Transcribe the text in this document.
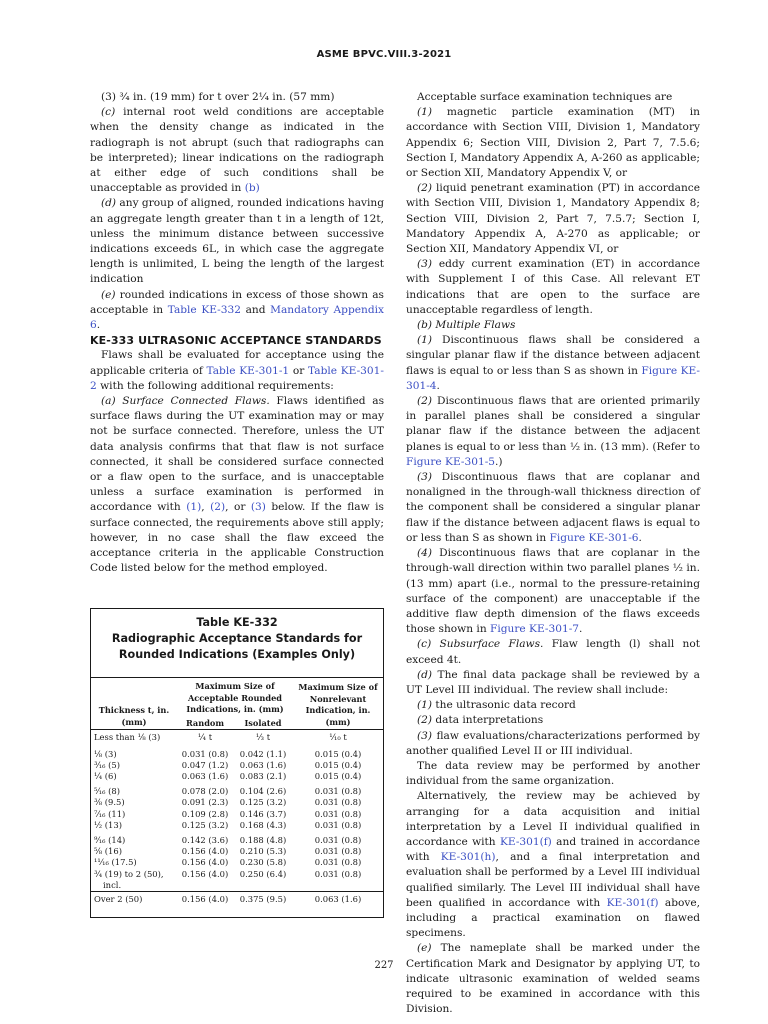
ASME BPVC.VIII.3-2021

(3) ³⁄₄ in. (19 mm) for t over 2¹⁄₄ in. (57 mm)

(c) internal root weld conditions are acceptable when the density change as indicated in the radiograph is not abrupt (such that radiographs can be interpreted); linear indications on the radiograph at either edge of such conditions shall be unacceptable as provided in (b)

(d) any group of aligned, rounded indications having an aggregate length greater than t in a length of 12t, unless the minimum distance between successive indications exceeds 6L, in which case the aggregate length is unlimited, L being the length of the largest indication

(e) rounded indications in excess of those shown as acceptable in Table KE-332 and Mandatory Appendix 6.

KE-333 ULTRASONIC ACCEPTANCE STANDARDS

Flaws shall be evaluated for acceptance using the applicable criteria of Table KE-301-1 or Table KE-301-2 with the following additional requirements:

(a) Surface Connected Flaws. Flaws identified as surface flaws during the UT examination may or may not be surface connected. Therefore, unless the UT data analysis confirms that that flaw is not surface connected, it shall be considered surface connected or a flaw open to the surface, and is unacceptable unless a surface examination is performed in accordance with (1), (2), or (3) below. If the flaw is surface connected, the requirements above still apply; however, in no case shall the flaw exceed the acceptance criteria in the applicable Construction Code listed below for the method employed.

Table KE-332
Radiographic Acceptance Standards for
Rounded Indications (Examples Only)
Thickness t, in. (mm)	Maximum Size of Acceptable Rounded Indications, in. (mm)		Maximum Size of Nonrelevant Indication, in. (mm)
	Random	Isolated	
Less than ¹⁄₈ (3)	¹⁄₄ t	¹⁄₃ t	¹⁄₁₀ t

¹⁄₈ (3)	0.031 (0.8)	0.042 (1.1)	0.015 (0.4)
³⁄₁₆ (5)	0.047 (1.2)	0.063 (1.6)	0.015 (0.4)
¹⁄₄ (6)	0.063 (1.6)	0.083 (2.1)	0.015 (0.4)

⁵⁄₁₆ (8)	0.078 (2.0)	0.104 (2.6)	0.031 (0.8)
³⁄₈ (9.5)	0.091 (2.3)	0.125 (3.2)	0.031 (0.8)
⁷⁄₁₆ (11)	0.109 (2.8)	0.146 (3.7)	0.031 (0.8)
¹⁄₂ (13)	0.125 (3.2)	0.168 (4.3)	0.031 (0.8)

⁹⁄₁₆ (14)	0.142 (3.6)	0.188 (4.8)	0.031 (0.8)
⁵⁄₈ (16)	0.156 (4.0)	0.210 (5.3)	0.031 (0.8)
¹¹⁄₁₆ (17.5)	0.156 (4.0)	0.230 (5.8)	0.031 (0.8)
³⁄₄ (19) to 2 (50),	0.156 (4.0)	0.250 (6.4)	0.031 (0.8)
incl.			
Over 2 (50)	0.156 (4.0)	0.375 (9.5)	0.063 (1.6)

Acceptable surface examination techniques are

(1) magnetic particle examination (MT) in accordance with Section VIII, Division 1, Mandatory Appendix 6; Section VIII, Division 2, Part 7, 7.5.6; Section I, Mandatory Appendix A, A-260 as applicable; or Section XII, Mandatory Appendix V, or

(2) liquid penetrant examination (PT) in accordance with Section VIII, Division 1, Mandatory Appendix 8; Section VIII, Division 2, Part 7, 7.5.7; Section I, Mandatory Appendix A, A-270 as applicable; or Section XII, Mandatory Appendix VI, or

(3) eddy current examination (ET) in accordance with Supplement I of this Case. All relevant ET indications that are open to the surface are unacceptable regardless of length.

(b) Multiple Flaws

(1) Discontinuous flaws shall be considered a singular planar flaw if the distance between adjacent flaws is equal to or less than S as shown in Figure KE-301-4.

(2) Discontinuous flaws that are oriented primarily in parallel planes shall be considered a singular planar flaw if the distance between the adjacent planes is equal to or less than ¹⁄₂ in. (13 mm). (Refer to Figure KE-301-5.)

(3) Discontinuous flaws that are coplanar and nonaligned in the through-wall thickness direction of the component shall be considered a singular planar flaw if the distance between adjacent flaws is equal to or less than S as shown in Figure KE-301-6.

(4) Discontinuous flaws that are coplanar in the through-wall direction within two parallel planes ¹⁄₂ in. (13 mm) apart (i.e., normal to the pressure-retaining surface of the component) are unacceptable if the additive flaw depth dimension of the flaws exceeds those shown in Figure KE-301-7.

(c) Subsurface Flaws. Flaw length (l) shall not exceed 4t.

(d) The final data package shall be reviewed by a UT Level III individual. The review shall include:

(1) the ultrasonic data record

(2) data interpretations

(3) flaw evaluations/characterizations performed by another qualified Level II or III individual.

The data review may be performed by another individual from the same organization.

Alternatively, the review may be achieved by arranging for a data acquisition and initial interpretation by a Level II individual qualified in accordance with KE-301(f) and trained in accordance with KE-301(h), and a final interpretation and evaluation shall be performed by a Level III individual qualified similarly. The Level III individual shall have been qualified in accordance with KE-301(f) above, including a practical examination on flawed specimens.

(e) The nameplate shall be marked under the Certification Mark and Designator by applying UT, to indicate ultrasonic examination of welded seams required to be examined in accordance with this Division.

227
